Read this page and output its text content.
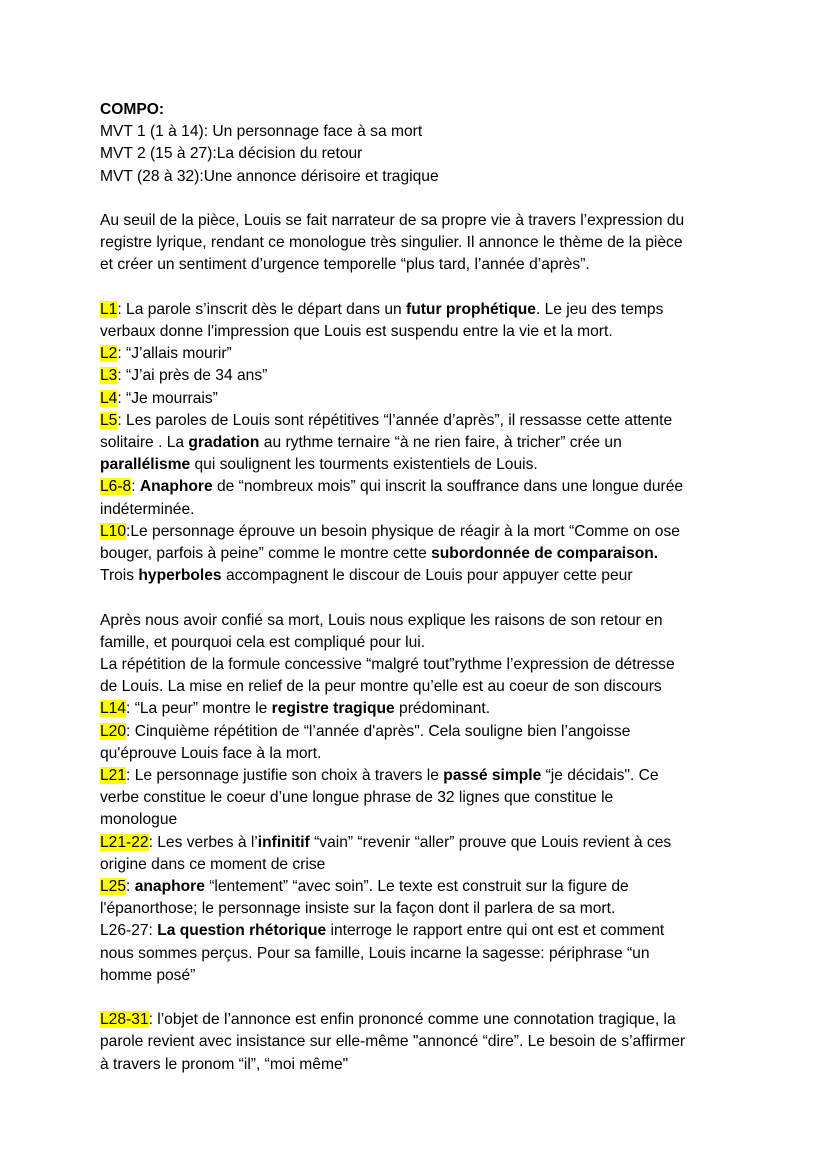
COMPO:
MVT 1 (1 à 14): Un personnage face à sa mort
MVT 2 (15 à 27):La décision du retour
MVT (28 à 32):Une annonce dérisoire et tragique
Au seuil de la pièce, Louis se fait narrateur de sa propre vie à travers l’expression du
registre lyrique, rendant ce monologue très singulier. Il annonce le thème de la pièce
et créer un sentiment d’urgence temporelle “plus tard, l’année d’après”.
L1: La parole s’inscrit dès le départ dans un futur prophétique. Le jeu des temps
verbaux donne l'impression que Louis est suspendu entre la vie et la mort.
L2: “J’allais mourir”
L3: “J’ai près de 34 ans”
L4: “Je mourrais”
L5: Les paroles de Louis sont répétitives “l’année d’après”, il ressasse cette attente
solitaire . La gradation au rythme ternaire “à ne rien faire, à tricher” crée un
parallélisme qui soulignent les tourments existentiels de Louis.
L6-8: Anaphore de “nombreux mois” qui inscrit la souffrance dans une longue durée
indéterminée.
L10:Le personnage éprouve un besoin physique de réagir à la mort “Comme on ose
bouger, parfois à peine” comme le montre cette subordonnée de comparaison.
Trois hyperboles accompagnent le discour de Louis pour appuyer cette peur
Après nous avoir confié sa mort, Louis nous explique les raisons de son retour en
famille, et pourquoi cela est compliqué pour lui.
La répétition de la formule concessive “malgré tout”rythme l’expression de détresse
de Louis. La mise en relief de la peur montre qu’elle est au coeur de son discours
L14: “La peur” montre le registre tragique prédominant.
L20: Cinquième répétition de “l’année d'après". Cela souligne bien l’angoisse
qu'éprouve Louis face à la mort.
L21: Le personnage justifie son choix à travers le passé simple “je décidais". Ce
verbe constitue le coeur d’une longue phrase de 32 lignes que constitue le
monologue
L21-22: Les verbes à l’infinitif “vain” “revenir “aller” prouve que Louis revient à ces
origine dans ce moment de crise
L25: anaphore “lentement” “avec soin”. Le texte est construit sur la figure de
l'épanorthose; le personnage insiste sur la façon dont il parlera de sa mort.
L26-27: La question rhétorique interroge le rapport entre qui ont est et comment
nous sommes perçus. Pour sa famille, Louis incarne la sagesse: périphrase “un
homme posé”
L28-31: l’objet de l’annonce est enfin prononcé comme une connotation tragique, la
parole revient avec insistance sur elle-même "annoncé “dire”. Le besoin de s’affirmer
à travers le pronom “il”, “moi même"
